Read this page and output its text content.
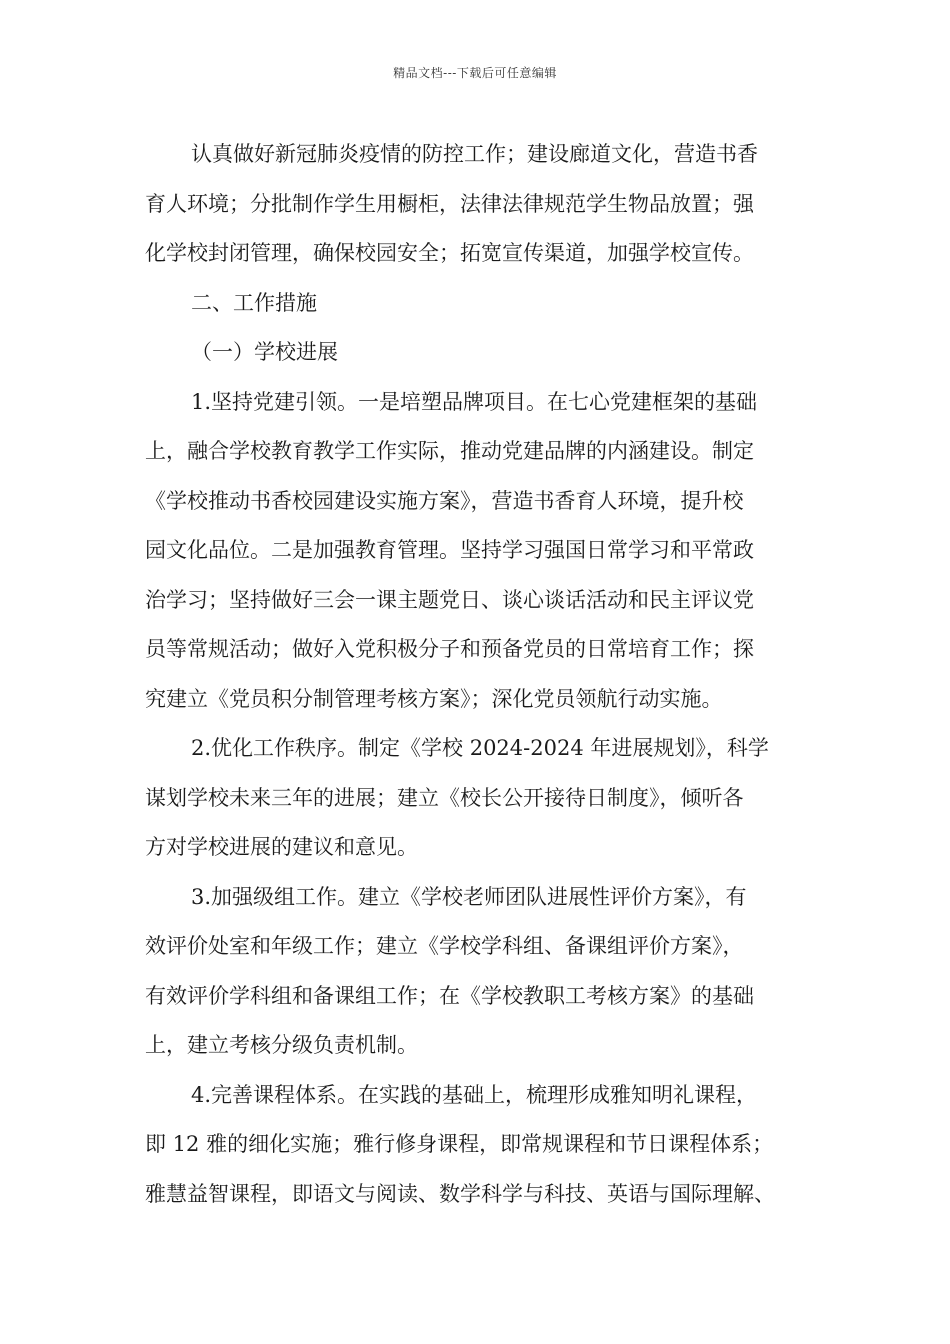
精品文档---下载后可任意编辑
认真做好新冠肺炎疫情的防控工作；建设廊道文化，营造书香
育人环境；分批制作学生用橱柜，法律法律规范学生物品放置；强
化学校封闭管理，确保校园安全；拓宽宣传渠道，加强学校宣传。
二、工作措施
（一）学校进展
1.坚持党建引领。一是培塑品牌项目。在七心党建框架的基础
上，融合学校教育教学工作实际，推动党建品牌的内涵建设。制定
《学校推动书香校园建设实施方案》，营造书香育人环境，提升校
园文化品位。二是加强教育管理。坚持学习强国日常学习和平常政
治学习；坚持做好三会一课主题党日、谈心谈话活动和民主评议党
员等常规活动；做好入党积极分子和预备党员的日常培育工作；探
究建立《党员积分制管理考核方案》；深化党员领航行动实施。
2.优化工作秩序。制定《学校 2024-2024 年进展规划》，科学
谋划学校未来三年的进展；建立《校长公开接待日制度》，倾听各
方对学校进展的建议和意见。
3.加强级组工作。建立《学校老师团队进展性评价方案》，有
效评价处室和年级工作；建立《学校学科组、备课组评价方案》，
有效评价学科组和备课组工作；在《学校教职工考核方案》的基础
上，建立考核分级负责机制。
4.完善课程体系。在实践的基础上，梳理形成雅知明礼课程，
即 12 雅的细化实施；雅行修身课程，即常规课程和节日课程体系；
雅慧益智课程，即语文与阅读、数学科学与科技、英语与国际理解、
